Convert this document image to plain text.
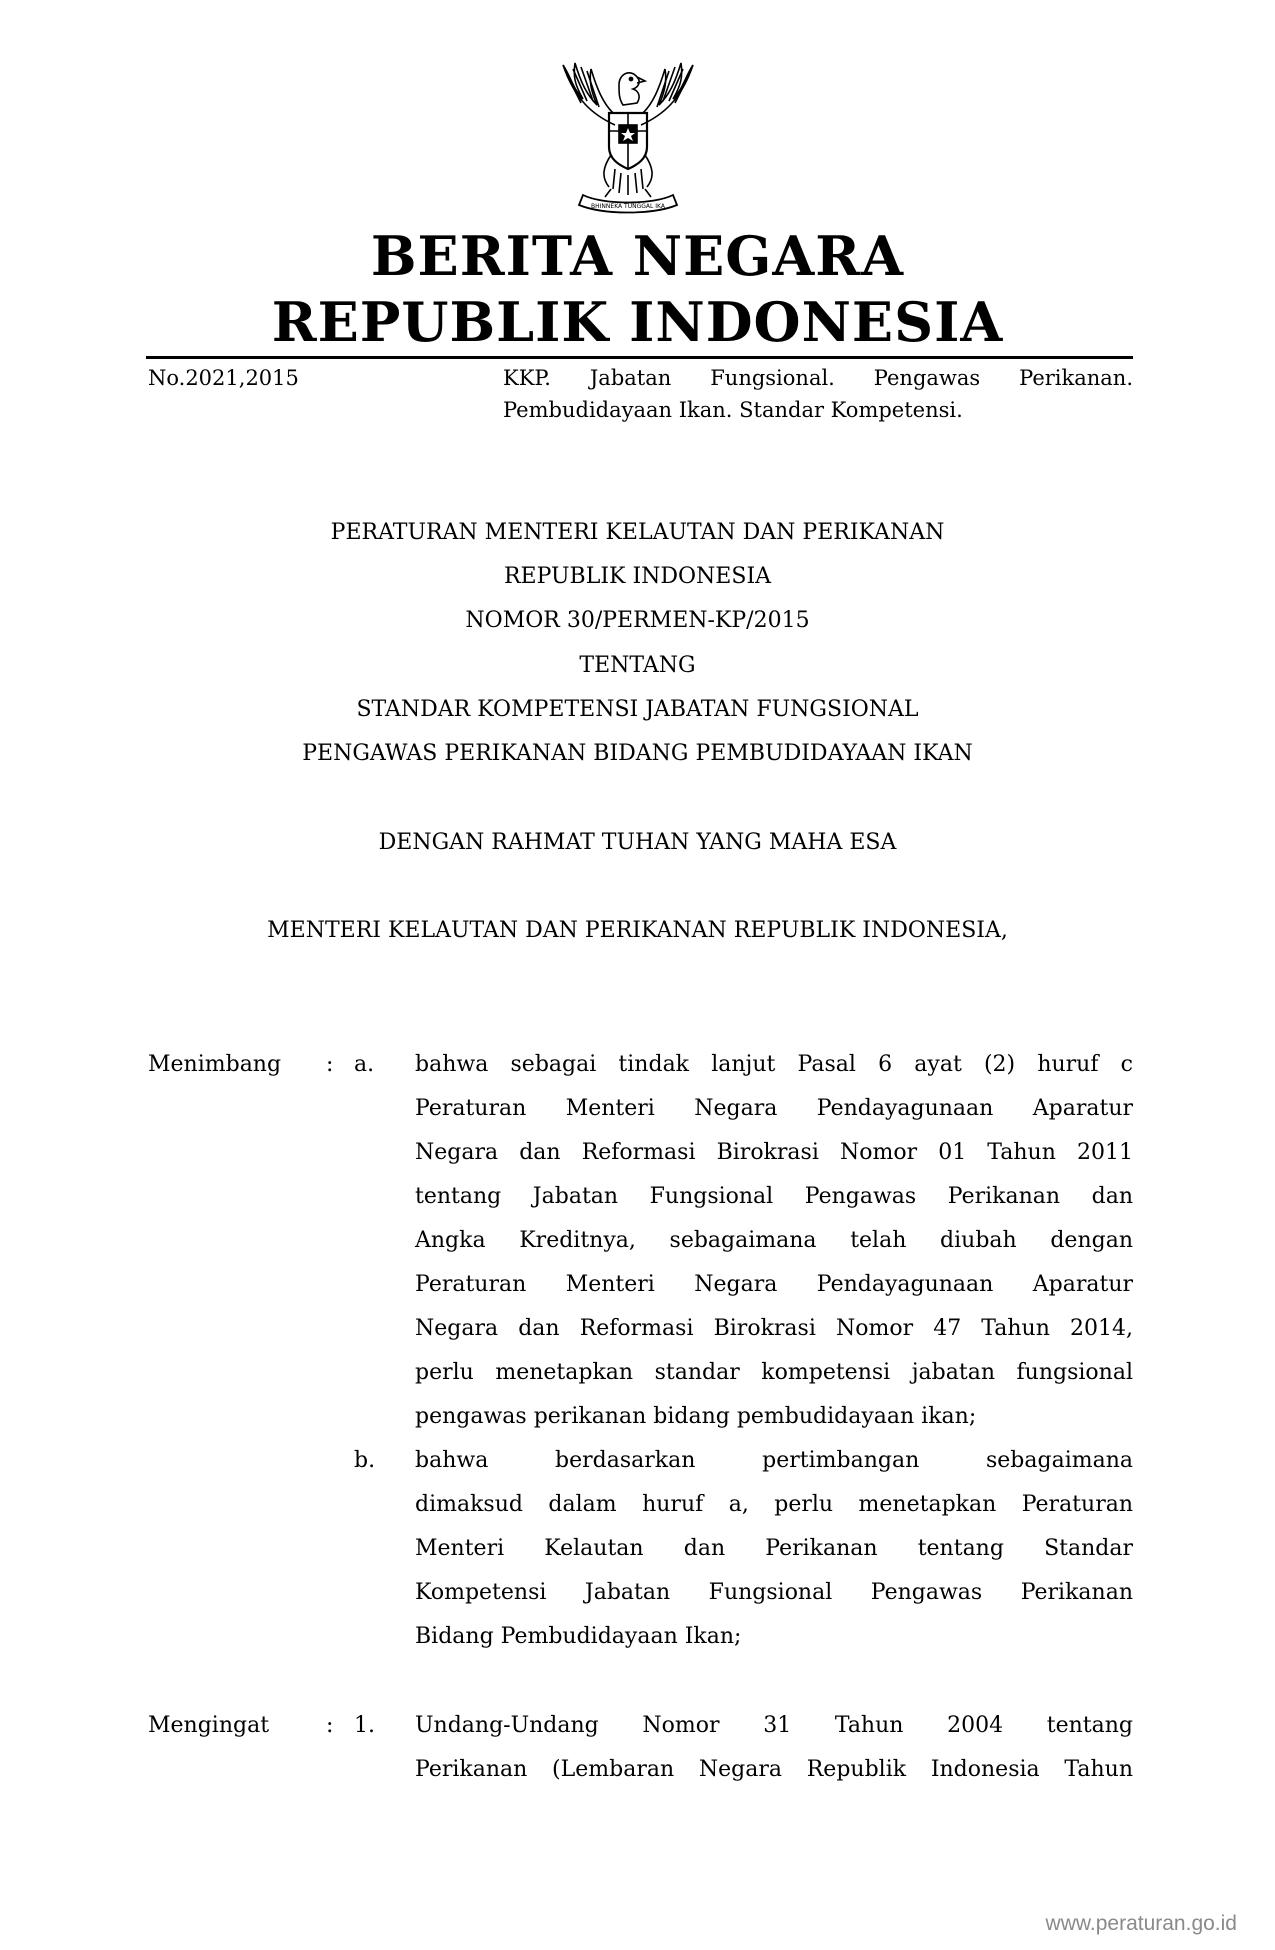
BHINNEKA TUNGGAL IKA
BERITA NEGARA
REPUBLIK INDONESIA
No.2021,2015	KKP. Jabatan Fungsional. Pengawas Perikanan.
Pembudidayaan Ikan. Standar Kompetensi.
PERATURAN MENTERI KELAUTAN DAN PERIKANAN
REPUBLIK INDONESIA
NOMOR 30/PERMEN-KP/2015
TENTANG
STANDAR KOMPETENSI JABATAN FUNGSIONAL
PENGAWAS PERIKANAN BIDANG PEMBUDIDAYAAN IKAN
DENGAN RAHMAT TUHAN YANG MAHA ESA
MENTERI KELAUTAN DAN PERIKANAN REPUBLIK INDONESIA,
Menimbang : a. bahwa sebagai tindak lanjut Pasal 6 ayat (2) huruf c
Peraturan Menteri Negara Pendayagunaan Aparatur
Negara dan Reformasi Birokrasi Nomor 01 Tahun 2011
tentang Jabatan Fungsional Pengawas Perikanan dan
Angka Kreditnya, sebagaimana telah diubah dengan
Peraturan Menteri Negara Pendayagunaan Aparatur
Negara dan Reformasi Birokrasi Nomor 47 Tahun 2014,
perlu menetapkan standar kompetensi jabatan fungsional
pengawas perikanan bidang pembudidayaan ikan;
b. bahwa berdasarkan pertimbangan sebagaimana
dimaksud dalam huruf a, perlu menetapkan Peraturan
Menteri Kelautan dan Perikanan tentang Standar
Kompetensi Jabatan Fungsional Pengawas Perikanan
Bidang Pembudidayaan Ikan;
Mengingat	: 1. Undang-Undang Nomor 31 Tahun 2004 tentang
Perikanan (Lembaran Negara Republik Indonesia Tahun
www.peraturan.go.id
